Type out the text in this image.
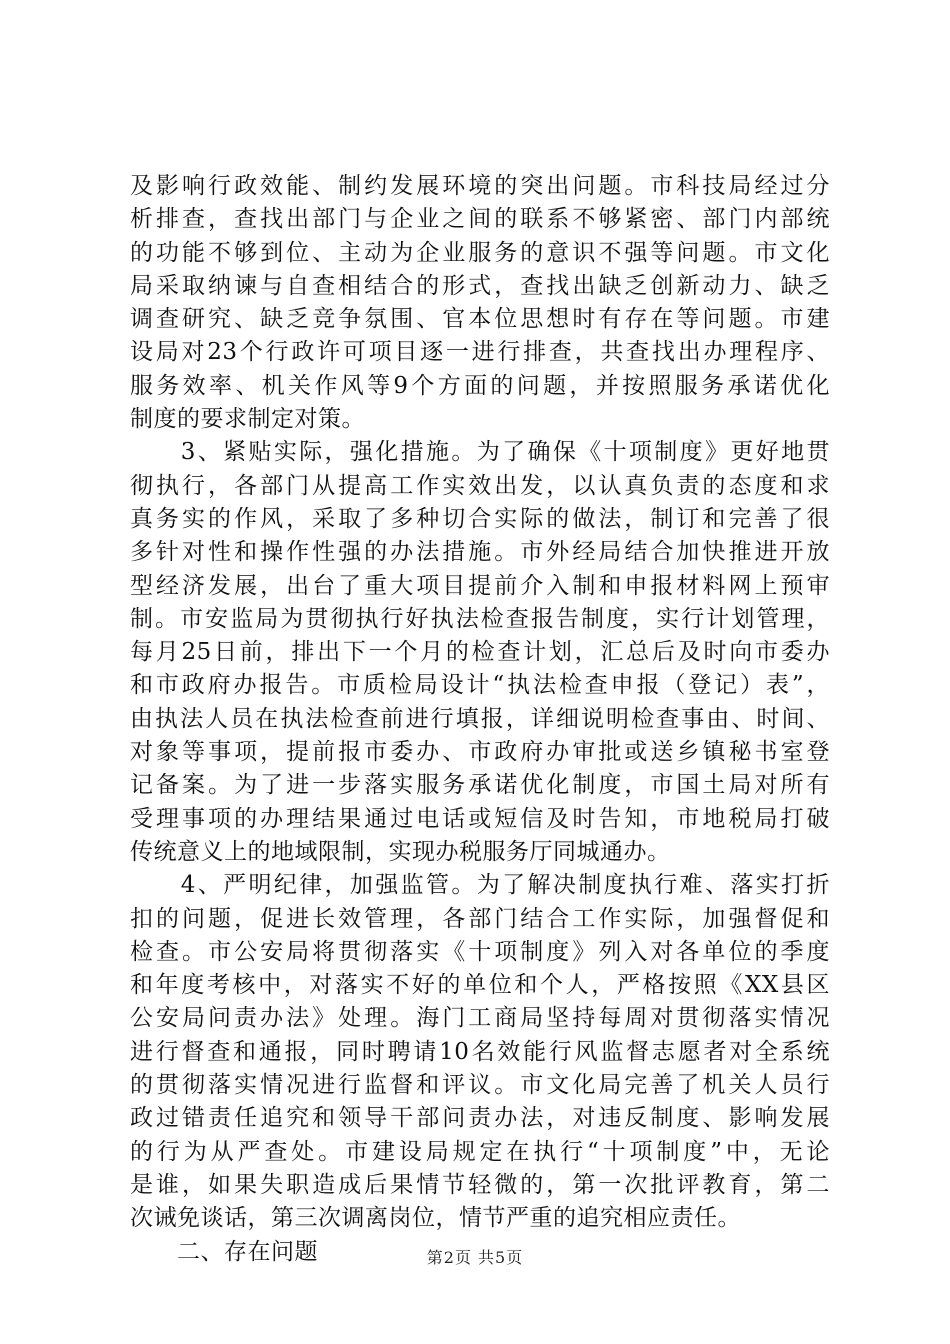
及影响行政效能、制约发展环境的突出问题。市科技局经过分
析排查，查找出部门与企业之间的联系不够紧密、部门内部统
的功能不够到位、主动为企业服务的意识不强等问题。市文化
局采取纳谏与自查相结合的形式，查找出缺乏创新动力、缺乏
调查研究、缺乏竞争氛围、官本位思想时有存在等问题。市建
设局对23个行政许可项目逐一进行排查，共查找出办理程序、
服务效率、机关作风等9个方面的问题，并按照服务承诺优化
制度的要求制定对策。
　　3、紧贴实际，强化措施。为了确保《十项制度》更好地贯
彻执行，各部门从提高工作实效出发，以认真负责的态度和求
真务实的作风，采取了多种切合实际的做法，制订和完善了很
多针对性和操作性强的办法措施。市外经局结合加快推进开放
型经济发展，出台了重大项目提前介入制和申报材料网上预审
制。市安监局为贯彻执行好执法检查报告制度，实行计划管理，
每月25日前，排出下一个月的检查计划，汇总后及时向市委办
和市政府办报告。市质检局设计“执法检查申报（登记）表”，
由执法人员在执法检查前进行填报，详细说明检查事由、时间、
对象等事项，提前报市委办、市政府办审批或送乡镇秘书室登
记备案。为了进一步落实服务承诺优化制度，市国土局对所有
受理事项的办理结果通过电话或短信及时告知，市地税局打破
传统意义上的地域限制，实现办税服务厅同城通办。
　　4、严明纪律，加强监管。为了解决制度执行难、落实打折
扣的问题，促进长效管理，各部门结合工作实际，加强督促和
检查。市公安局将贯彻落实《十项制度》列入对各单位的季度
和年度考核中，对落实不好的单位和个人，严格按照《XX县区
公安局问责办法》处理。海门工商局坚持每周对贯彻落实情况
进行督查和通报，同时聘请10名效能行风监督志愿者对全系统
的贯彻落实情况进行监督和评议。市文化局完善了机关人员行
政过错责任追究和领导干部问责办法，对违反制度、影响发展
的行为从严查处。市建设局规定在执行“十项制度”中，无论
是谁，如果失职造成后果情节轻微的，第一次批评教育，第二
次诫免谈话，第三次调离岗位，情节严重的追究相应责任。
　　二、存在问题	第2页 共5页
